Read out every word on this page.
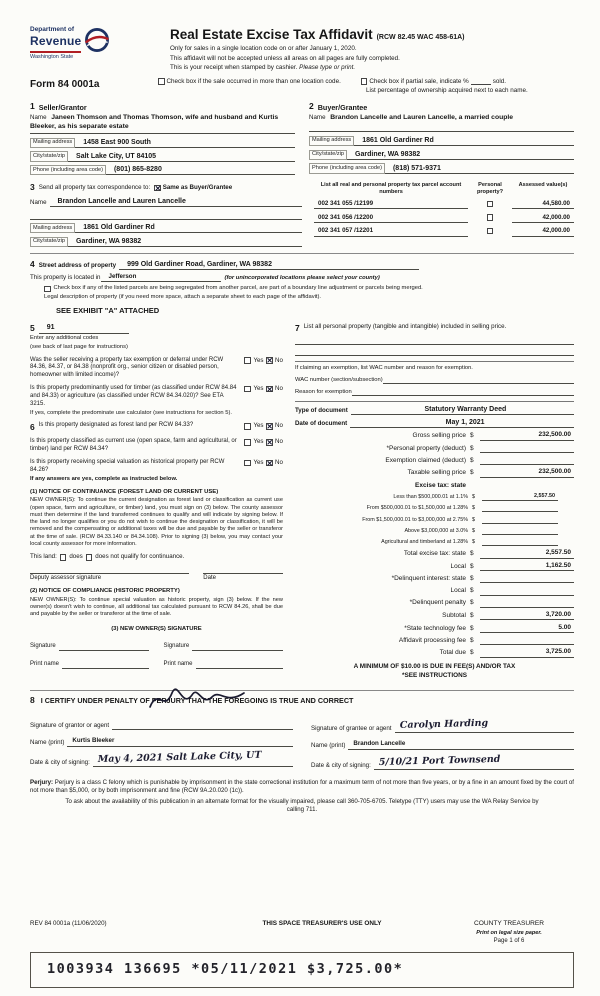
Department of
Revenue
Washington State
Real Estate Excise Tax Affidavit (RCW 82.45 WAC 458-61A)
Only for sales in a single location code on or after January 1, 2020.
This affidavit will not be accepted unless all areas on all pages are fully completed.
This is your receipt when stamped by cashier. Please type or print.
Form 84 0001a	Check box if the sale occurred in more than one location code.	Check box if partial sale, indicate %	sold.
List percentage of ownership acquired next to each name.
1 Seller/Grantor
Name Janeen Thomson and Thomas Thomson, wife and husband and Kurtis Bleeker, as his separate estate
Mailing address	1458 East 900 South
City/state/zip	Salt Lake City, UT 84105
Phone (including area code)	(801) 865-8280
2 Buyer/Grantee
Name Brandon Lancelle and Lauren Lancelle, a married couple
Mailing address	1861 Old Gardiner Rd
City/state/zip	Gardiner, WA 98382
Phone (including area code)	(818) 571-9371
3 Send all property tax correspondence to: ✕ Same as Buyer/Grantee
Name	Brandon Lancelle and Lauren Lancelle
Mailing address	1861 Old Gardiner Rd
City/state/zip	Gardiner, WA 98382
List all real and personal property tax parcel account numbers
Personal property?
Assessed value(s)
002 341 055 /12199	44,580.00
002 341 056 /12200	42,000.00
002 341 057 /12201	42,000.00
4 Street address of property	999 Old Gardiner Road, Gardiner, WA 98382
This property is located in	Jefferson	(for unincorporated locations please select your county)
Check box if any of the listed parcels are being segregated from another parcel, are part of a boundary line adjustment or parcels being merged.
Legal description of property (if you need more space, attach a separate sheet to each page of the affidavit).
SEE EXHIBIT "A" ATTACHED
5	91
Enter any additional codes
(see back of last page for instructions)
Was the seller receiving a property tax exemption or deferral under RCW 84.36, 84.37, or 84.38 (nonprofit org., senior citizen or disabled person, homeowner with limited income)?
Yes ✕ No
Is this property predominantly used for timber (as classified under RCW 84.84 and 84.33) or agriculture (as classified under RCW 84.34.020)? See ETA 3215.
Yes ✕ No
If yes, complete the predominate use calculator (see instructions for section 5).
6 Is this property designated as forest land per RCW 84.33?	Yes ✕ No
Is this property classified as current use (open space, farm and agricultural, or timber) land per RCW 84.34?
Yes ✕ No
Is this property receiving special valuation as historical property per RCW 84.26?
Yes ✕ No
If any answers are yes, complete as instructed below.
(1) NOTICE OF CONTINUANCE (FOREST LAND OR CURRENT USE)
NEW OWNER(S): To continue the current designation as forest land or classification as current use (open space, farm and agriculture, or timber) land, you must sign on (3) below. The county assessor must then determine if the land transferred continues to qualify and will indicate by signing below. If the land no longer qualifies or you do not wish to continue the designation or classification, it will be removed and the compensating or additional taxes will be due and payable by the seller or transferor at the time of sale. (RCW 84.33.140 or 84.34.108). Prior to signing (3) below, you may contact your local county assessor for more information.
This land: does does not qualify for continuance.
Deputy assessor signature	Date
(2) NOTICE OF COMPLIANCE (HISTORIC PROPERTY)
NEW OWNER(S): To continue special valuation as historic property, sign (3) below. If the new owner(s) doesn't wish to continue, all additional tax calculated pursuant to RCW 84.26, shall be due and payable by the seller or transferor at the time of sale.
(3) NEW OWNER(S) SIGNATURE
Signature	Signature
Print name	Print name
7 List all personal property (tangible and intangible) included in selling price.
If claiming an exemption, list WAC number and reason for exemption.
WAC number (section/subsection)
Reason for exemption
Type of document	Statutory Warranty Deed
Date of document	May 1, 2021
Gross selling price $	232,500.00
*Personal property (deduct) $
Exemption claimed (deduct) $
Taxable selling price $	232,500.00
Excise tax: state
Less than $500,000.01 at 1.1% $	2,557.50
From $500,000.01 to $1,500,000 at 1.28% $
From $1,500,000.01 to $3,000,000 at 2.75% $
Above $3,000,000 at 3.0% $
Agricultural and timberland at 1.28% $
Total excise tax: state $	2,557.50
Local $	1,162.50
*Delinquent interest: state $
Local $
*Delinquent penalty $
Subtotal $	3,720.00
*State technology fee $	5.00
Affidavit processing fee $
Total due $	3,725.00
A MINIMUM OF $10.00 IS DUE IN FEE(S) AND/OR TAX
*SEE INSTRUCTIONS
8 I CERTIFY UNDER PENALTY OF PERJURY THAT THE FOREGOING IS TRUE AND CORRECT
Signature of grantor or agent
Name (print)	Kurtis Bleeker
Date & city of signing: May 4, 2021 Salt Lake City, UT
Signature of grantee or agent Carolyn Harding
Name (print)	Brandon Lancelle
Date & city of signing: 5/10/21 Port Townsend
Perjury: Perjury is a class C felony which is punishable by imprisonment in the state correctional institution for a maximum term of not more than five years, or by a fine in an amount fixed by the court of not more than $5,000, or by both imprisonment and fine (RCW 9A.20.020 (1c)).
To ask about the availability of this publication in an alternate format for the visually impaired, please call 360-705-6705. Teletype (TTY) users may use the WA Relay Service by calling 711.
REV 84 0001a (11/06/2020)	THIS SPACE TREASURER'S USE ONLY	COUNTY TREASURER
Print on legal size paper.
Page 1 of 6
1003934 136695 *05/11/2021 $3,725.00*
